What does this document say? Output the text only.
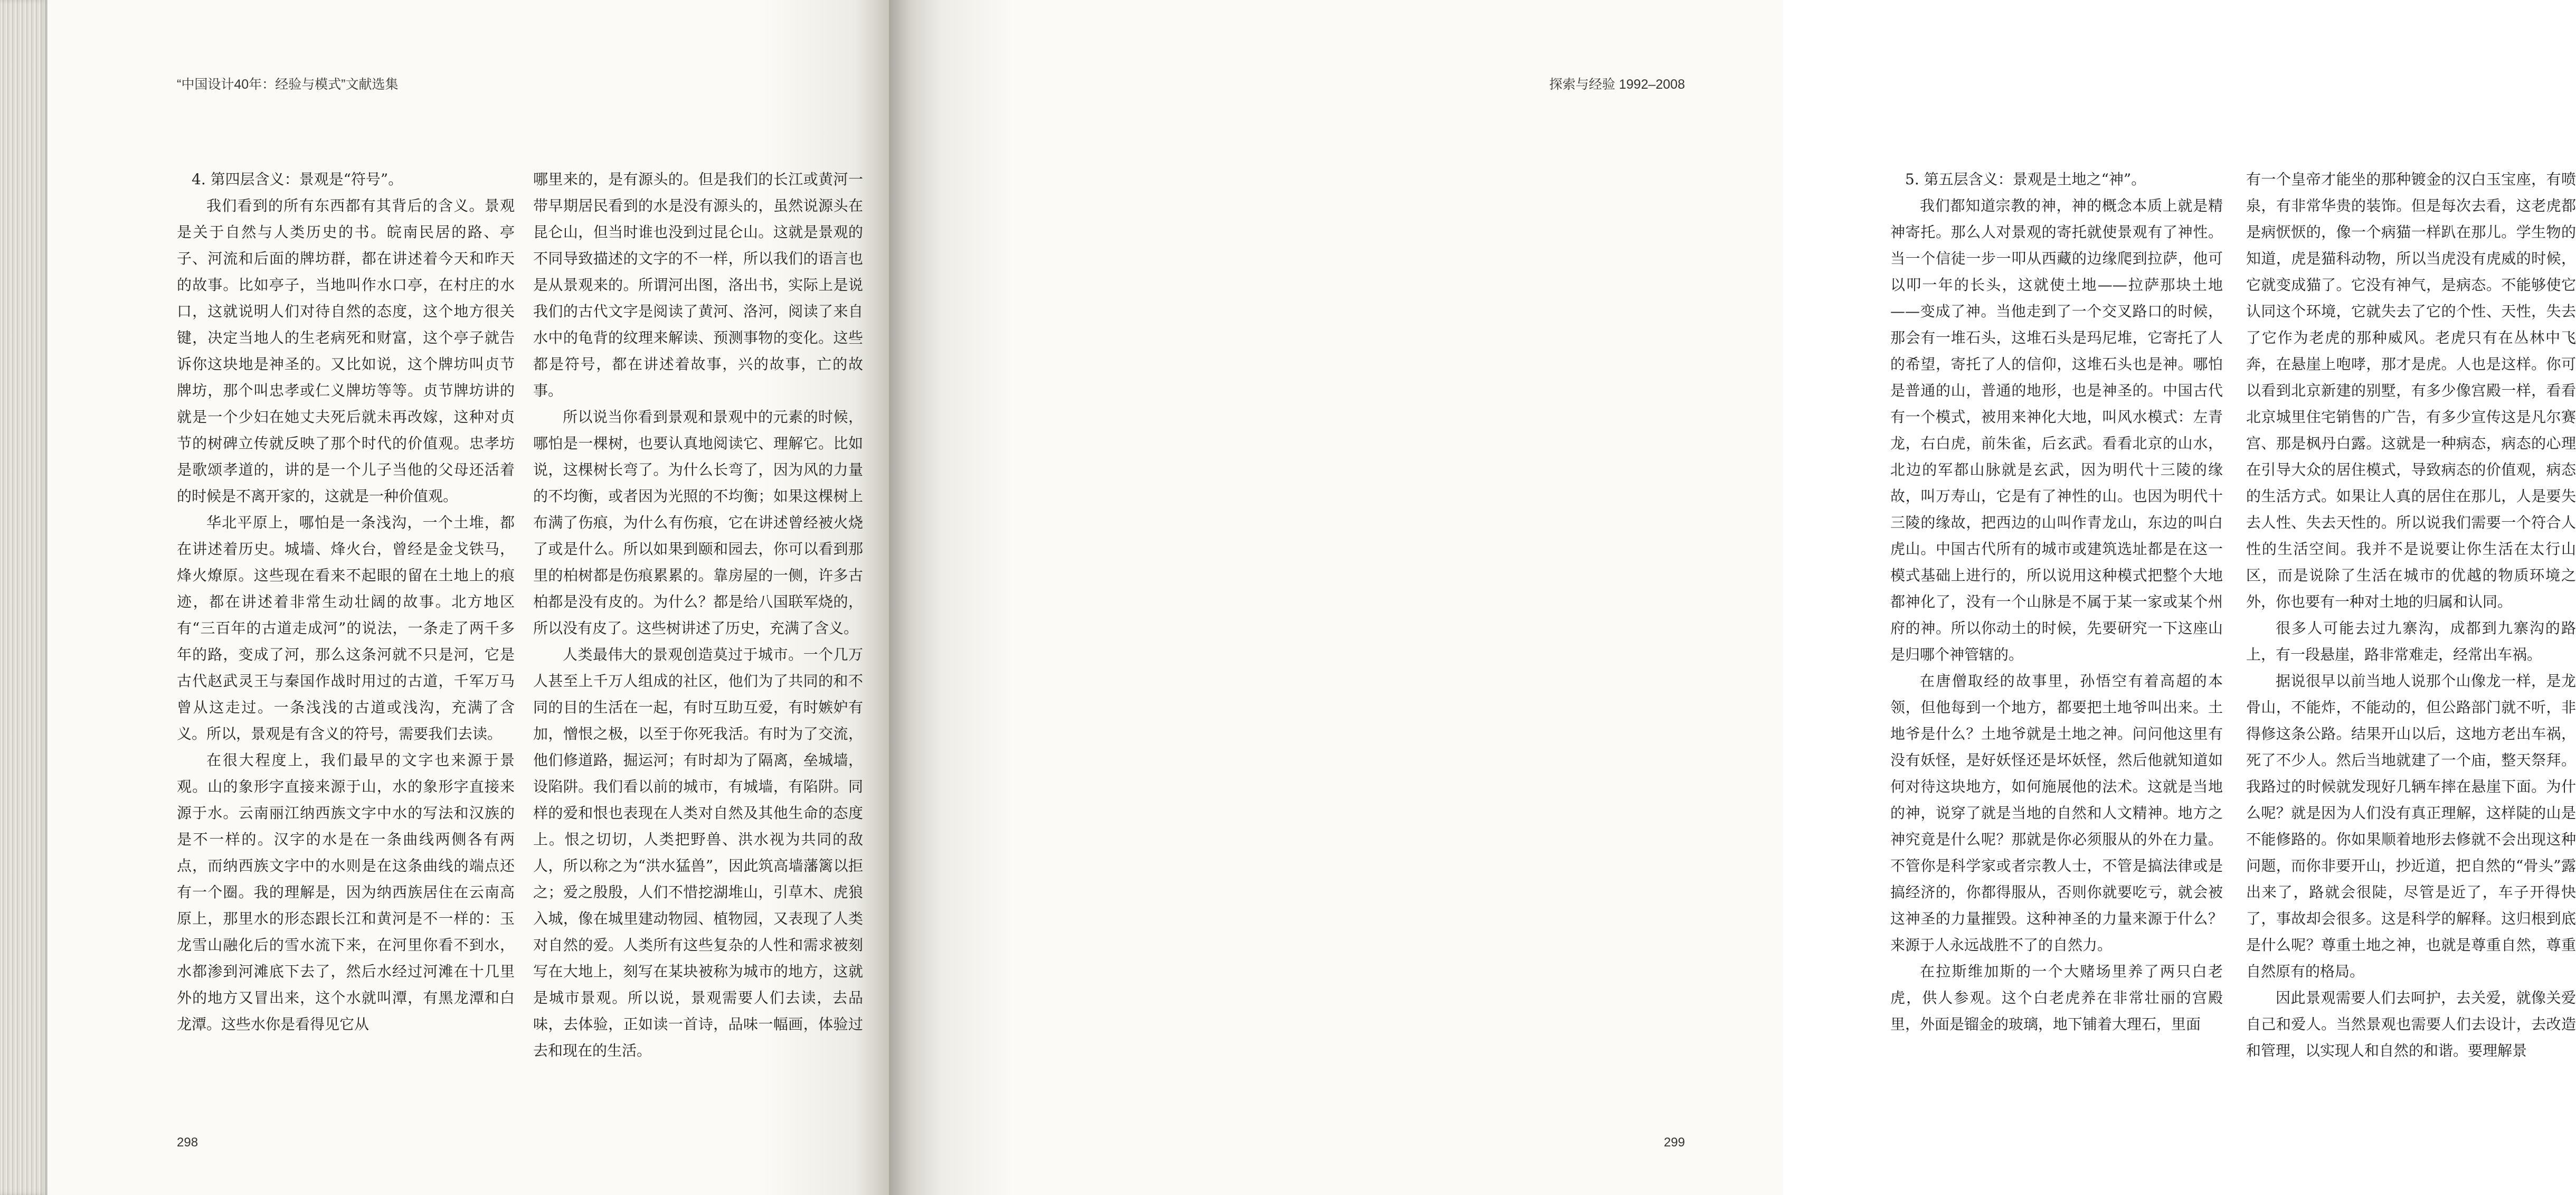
“中国设计40年：经验与模式”文献选集

4. 第四层含义：景观是“符号”。

我们看到的所有东西都有其背后的含义。景观是关于自然与人类历史的书。皖南民居的路、亭子、河流和后面的牌坊群，都在讲述着今天和昨天的故事。比如亭子，当地叫作水口亭，在村庄的水口，这就说明人们对待自然的态度，这个地方很关键，决定当地人的生老病死和财富，这个亭子就告诉你这块地是神圣的。又比如说，这个牌坊叫贞节牌坊，那个叫忠孝或仁义牌坊等等。贞节牌坊讲的就是一个少妇在她丈夫死后就未再改嫁，这种对贞节的树碑立传就反映了那个时代的价值观。忠孝坊是歌颂孝道的，讲的是一个儿子当他的父母还活着的时候是不离开家的，这就是一种价值观。

华北平原上，哪怕是一条浅沟，一个土堆，都在讲述着历史。城墙、烽火台，曾经是金戈铁马，烽火燎原。这些现在看来不起眼的留在土地上的痕迹，都在讲述着非常生动壮阔的故事。北方地区有“三百年的古道走成河”的说法，一条走了两千多年的路，变成了河，那么这条河就不只是河，它是古代赵武灵王与秦国作战时用过的古道，千军万马曾从这走过。一条浅浅的古道或浅沟，充满了含义。所以，景观是有含义的符号，需要我们去读。

在很大程度上，我们最早的文字也来源于景观。山的象形字直接来源于山，水的象形字直接来源于水。云南丽江纳西族文字中水的写法和汉族的是不一样的。汉字的水是在一条曲线两侧各有两点，而纳西族文字中的水则是在这条曲线的端点还有一个圈。我的理解是，因为纳西族居住在云南高原上，那里水的形态跟长江和黄河是不一样的：玉龙雪山融化后的雪水流下来，在河里你看不到水，水都渗到河滩底下去了，然后水经过河滩在十几里外的地方又冒出来，这个水就叫潭，有黑龙潭和白龙潭。这些水你是看得见它从

哪里来的，是有源头的。但是我们的长江或黄河一带早期居民看到的水是没有源头的，虽然说源头在昆仑山，但当时谁也没到过昆仑山。这就是景观的不同导致描述的文字的不一样，所以我们的语言也是从景观来的。所谓河出图，洛出书，实际上是说我们的古代文字是阅读了黄河、洛河，阅读了来自水中的龟背的纹理来解读、预测事物的变化。这些都是符号，都在讲述着故事，兴的故事，亡的故事。

所以说当你看到景观和景观中的元素的时候，哪怕是一棵树，也要认真地阅读它、理解它。比如说，这棵树长弯了。为什么长弯了，因为风的力量的不均衡，或者因为光照的不均衡；如果这棵树上布满了伤痕，为什么有伤痕，它在讲述曾经被火烧了或是什么。所以如果到颐和园去，你可以看到那里的柏树都是伤痕累累的。靠房屋的一侧，许多古柏都是没有皮的。为什么？都是给八国联军烧的，所以没有皮了。这些树讲述了历史，充满了含义。

人类最伟大的景观创造莫过于城市。一个几万人甚至上千万人组成的社区，他们为了共同的和不同的目的生活在一起，有时互助互爱，有时嫉妒有加，憎恨之极，以至于你死我活。有时为了交流，他们修道路，掘运河；有时却为了隔离，垒城墙，设陷阱。我们看以前的城市，有城墙，有陷阱。同样的爱和恨也表现在人类对自然及其他生命的态度上。恨之切切，人类把野兽、洪水视为共同的敌人，所以称之为“洪水猛兽”，因此筑高墙藩篱以拒之；爱之殷殷，人们不惜挖湖堆山，引草木、虎狼入城，像在城里建动物园、植物园，又表现了人类对自然的爱。人类所有这些复杂的人性和需求被刻写在大地上，刻写在某块被称为城市的地方，这就是城市景观。所以说，景观需要人们去读，去品味，去体验，正如读一首诗，品味一幅画，体验过去和现在的生活。

298
探索与经验 1992–2008

5. 第五层含义：景观是土地之“神”。

我们都知道宗教的神，神的概念本质上就是精神寄托。那么人对景观的寄托就使景观有了神性。当一个信徒一步一叩从西藏的边缘爬到拉萨，他可以叩一年的长头，这就使土地——拉萨那块土地——变成了神。当他走到了一个交叉路口的时候，那会有一堆石头，这堆石头是玛尼堆，它寄托了人的希望，寄托了人的信仰，这堆石头也是神。哪怕是普通的山，普通的地形，也是神圣的。中国古代有一个模式，被用来神化大地，叫风水模式：左青龙，右白虎，前朱雀，后玄武。看看北京的山水，北边的军都山脉就是玄武，因为明代十三陵的缘故，叫万寿山，它是有了神性的山。也因为明代十三陵的缘故，把西边的山叫作青龙山，东边的叫白虎山。中国古代所有的城市或建筑选址都是在这一模式基础上进行的，所以说用这种模式把整个大地都神化了，没有一个山脉是不属于某一家或某个州府的神。所以你动土的时候，先要研究一下这座山是归哪个神管辖的。

在唐僧取经的故事里，孙悟空有着高超的本领，但他每到一个地方，都要把土地爷叫出来。土地爷是什么？土地爷就是土地之神。问问他这里有没有妖怪，是好妖怪还是坏妖怪，然后他就知道如何对待这块地方，如何施展他的法术。这就是当地的神，说穿了就是当地的自然和人文精神。地方之神究竟是什么呢？那就是你必须服从的外在力量。不管你是科学家或者宗教人士，不管是搞法律或是搞经济的，你都得服从，否则你就要吃亏，就会被这神圣的力量摧毁。这种神圣的力量来源于什么？来源于人永远战胜不了的自然力。

在拉斯维加斯的一个大赌场里养了两只白老虎，供人参观。这个白老虎养在非常壮丽的宫殿里，外面是镏金的玻璃，地下铺着大理石，里面

有一个皇帝才能坐的那种镀金的汉白玉宝座，有喷泉，有非常华贵的装饰。但是每次去看，这老虎都是病恹恹的，像一个病猫一样趴在那儿。学生物的知道，虎是猫科动物，所以当虎没有虎威的时候，它就变成猫了。它没有神气，是病态。不能够使它认同这个环境，它就失去了它的个性、天性，失去了它作为老虎的那种威风。老虎只有在丛林中飞奔，在悬崖上咆哮，那才是虎。人也是这样。你可以看到北京新建的别墅，有多少像宫殿一样，看看北京城里住宅销售的广告，有多少宣传这是凡尔赛宫、那是枫丹白露。这就是一种病态，病态的心理在引导大众的居住模式，导致病态的价值观，病态的生活方式。如果让人真的居住在那儿，人是要失去人性、失去天性的。所以说我们需要一个符合人性的生活空间。我并不是说要让你生活在太行山区，而是说除了生活在城市的优越的物质环境之外，你也要有一种对土地的归属和认同。

很多人可能去过九寨沟，成都到九寨沟的路上，有一段悬崖，路非常难走，经常出车祸。

据说很早以前当地人说那个山像龙一样，是龙骨山，不能炸，不能动的，但公路部门就不听，非得修这条公路。结果开山以后，这地方老出车祸，死了不少人。然后当地就建了一个庙，整天祭拜。我路过的时候就发现好几辆车摔在悬崖下面。为什么呢？就是因为人们没有真正理解，这样陡的山是不能修路的。你如果顺着地形去修就不会出现这种问题，而你非要开山，抄近道，把自然的“骨头”露出来了，路就会很陡，尽管是近了，车子开得快了，事故却会很多。这是科学的解释。这归根到底是什么呢？尊重土地之神，也就是尊重自然，尊重自然原有的格局。

因此景观需要人们去呵护，去关爱，就像关爱自己和爱人。当然景观也需要人们去设计，去改造和管理，以实现人和自然的和谐。要理解景

299
